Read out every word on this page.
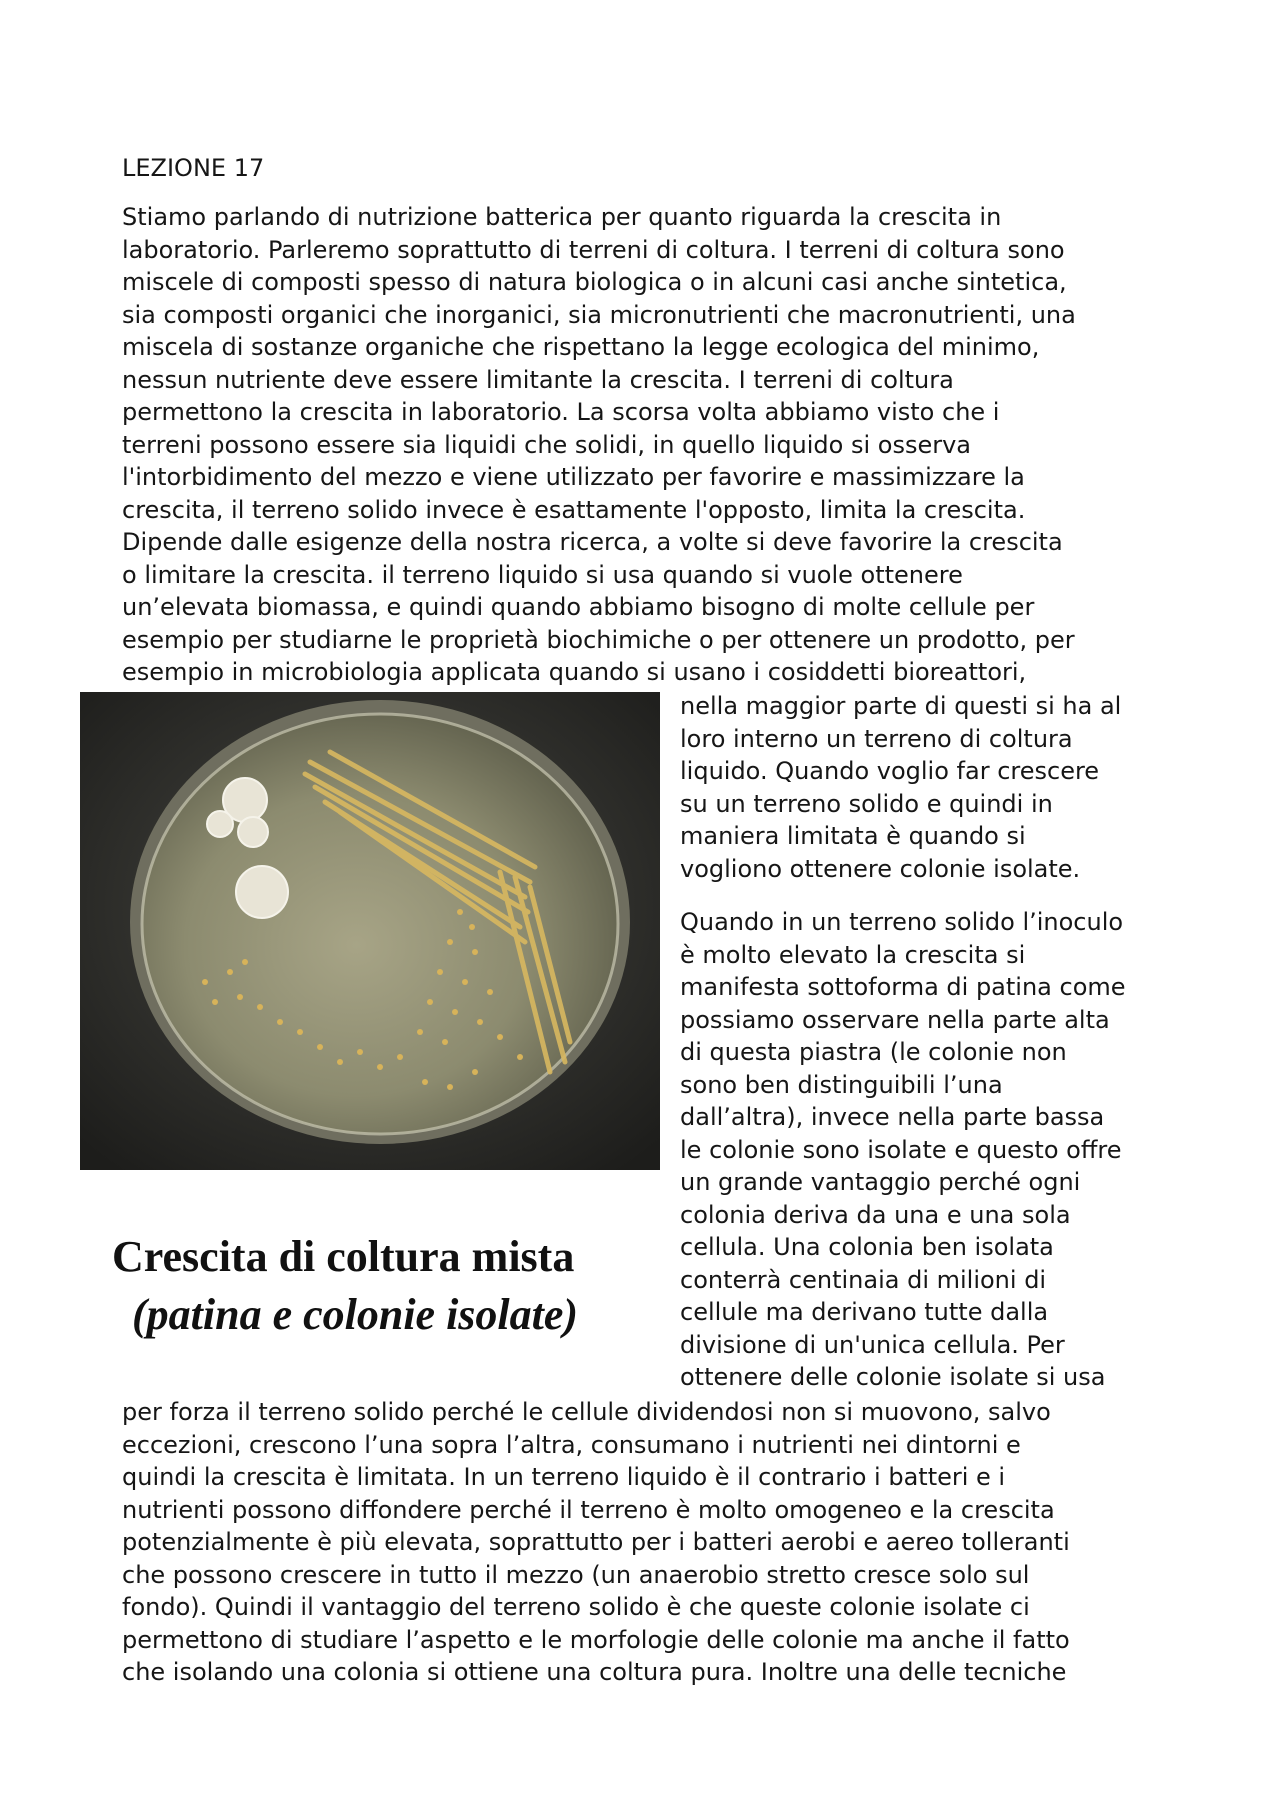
LEZIONE 17

Stiamo parlando di nutrizione batterica per quanto riguarda la crescita in
laboratorio. Parleremo soprattutto di terreni di coltura. I terreni di coltura sono
miscele di composti spesso di natura biologica o in alcuni casi anche sintetica,
sia composti organici che inorganici, sia micronutrienti che macronutrienti, una
miscela di sostanze organiche che rispettano la legge ecologica del minimo,
nessun nutriente deve essere limitante la crescita. I terreni di coltura
permettono la crescita in laboratorio. La scorsa volta abbiamo visto che i
terreni possono essere sia liquidi che solidi, in quello liquido si osserva
l'intorbidimento del mezzo e viene utilizzato per favorire e massimizzare la
crescita, il terreno solido invece è esattamente l'opposto, limita la crescita.
Dipende dalle esigenze della nostra ricerca, a volte si deve favorire la crescita
o limitare la crescita. il terreno liquido si usa quando si vuole ottenere
un’elevata biomassa, e quindi quando abbiamo bisogno di molte cellule per
esempio per studiarne le proprietà biochimiche o per ottenere un prodotto, per
esempio in microbiologia applicata quando si usano i cosiddetti bioreattori,

nella maggior parte di questi si ha al
loro interno un terreno di coltura
liquido. Quando voglio far crescere
su un terreno solido e quindi in
maniera limitata è quando si
vogliono ottenere colonie isolate.

Quando in un terreno solido l’inoculo
è molto elevato la crescita si
manifesta sottoforma di patina come
possiamo osservare nella parte alta
di questa piastra (le colonie non
sono ben distinguibili l’una
dall’altra), invece nella parte bassa
le colonie sono isolate e questo offre
un grande vantaggio perché ogni
colonia deriva da una e una sola
cellula. Una colonia ben isolata
conterrà centinaia di milioni di
cellule ma derivano tutte dalla
divisione di un'unica cellula. Per
ottenere delle colonie isolate si usa

Crescita di coltura mista
(patina e colonie isolate)

per forza il terreno solido perché le cellule dividendosi non si muovono, salvo
eccezioni, crescono l’una sopra l’altra, consumano i nutrienti nei dintorni e
quindi la crescita è limitata. In un terreno liquido è il contrario i batteri e i
nutrienti possono diffondere perché il terreno è molto omogeneo e la crescita
potenzialmente è più elevata, soprattutto per i batteri aerobi e aereo tolleranti
che possono crescere in tutto il mezzo (un anaerobio stretto cresce solo sul
fondo). Quindi il vantaggio del terreno solido è che queste colonie isolate ci
permettono di studiare l’aspetto e le morfologie delle colonie ma anche il fatto
che isolando una colonia si ottiene una coltura pura. Inoltre una delle tecniche
